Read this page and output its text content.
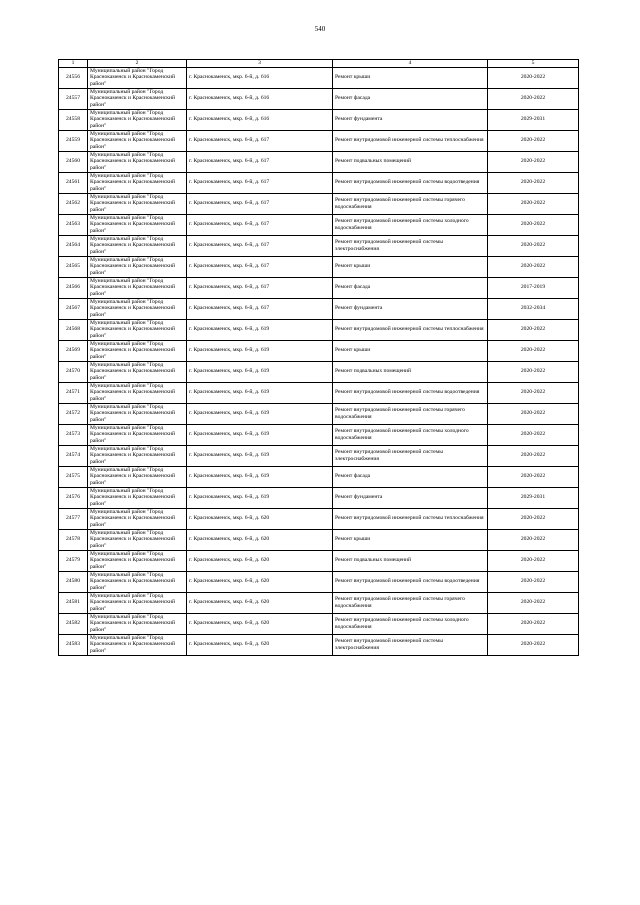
540
1	2	3	4	5
24556	Муниципальный район "Город Краснокаменск и Краснокаменский район"	г. Краснокаменск, мкр. 6-й, д. 616	Ремонт крыши	2020-2022
24557	Муниципальный район "Город Краснокаменск и Краснокаменский район"	г. Краснокаменск, мкр. 6-й, д. 616	Ремонт фасада	2020-2022
24558	Муниципальный район "Город Краснокаменск и Краснокаменский район"	г. Краснокаменск, мкр. 6-й, д. 616	Ремонт фундамента	2029-2031
24559	Муниципальный район "Город Краснокаменск и Краснокаменский район"	г. Краснокаменск, мкр. 6-й, д. 617	Ремонт внутридомовой инженерной системы теплоснабжения	2020-2022
24560	Муниципальный район "Город Краснокаменск и Краснокаменский район"	г. Краснокаменск, мкр. 6-й, д. 617	Ремонт подвальных помещений	2020-2022
24561	Муниципальный район "Город Краснокаменск и Краснокаменский район"	г. Краснокаменск, мкр. 6-й, д. 617	Ремонт внутридомовой инженерной системы водоотведения	2020-2022
24562	Муниципальный район "Город Краснокаменск и Краснокаменский район"	г. Краснокаменск, мкр. 6-й, д. 617	Ремонт внутридомовой инженерной системы горячего водоснабжения	2020-2022
24563	Муниципальный район "Город Краснокаменск и Краснокаменский район"	г. Краснокаменск, мкр. 6-й, д. 617	Ремонт внутридомовой инженерной системы холодного водоснабжения	2020-2022
24564	Муниципальный район "Город Краснокаменск и Краснокаменский район"	г. Краснокаменск, мкр. 6-й, д. 617	Ремонт внутридомовой инженерной системы электроснабжения	2020-2022
24565	Муниципальный район "Город Краснокаменск и Краснокаменский район"	г. Краснокаменск, мкр. 6-й, д. 617	Ремонт крыши	2020-2022
24566	Муниципальный район "Город Краснокаменск и Краснокаменский район"	г. Краснокаменск, мкр. 6-й, д. 617	Ремонт фасада	2017-2019
24567	Муниципальный район "Город Краснокаменск и Краснокаменский район"	г. Краснокаменск, мкр. 6-й, д. 617	Ремонт фундамента	2032-2034
24568	Муниципальный район "Город Краснокаменск и Краснокаменский район"	г. Краснокаменск, мкр. 6-й, д. 619	Ремонт внутридомовой инженерной системы теплоснабжения	2020-2022
24569	Муниципальный район "Город Краснокаменск и Краснокаменский район"	г. Краснокаменск, мкр. 6-й, д. 619	Ремонт крыши	2020-2022
24570	Муниципальный район "Город Краснокаменск и Краснокаменский район"	г. Краснокаменск, мкр. 6-й, д. 619	Ремонт подвальных помещений	2020-2022
24571	Муниципальный район "Город Краснокаменск и Краснокаменский район"	г. Краснокаменск, мкр. 6-й, д. 619	Ремонт внутридомовой инженерной системы водоотведения	2020-2022
24572	Муниципальный район "Город Краснокаменск и Краснокаменский район"	г. Краснокаменск, мкр. 6-й, д. 619	Ремонт внутридомовой инженерной системы горячего водоснабжения	2020-2022
24573	Муниципальный район "Город Краснокаменск и Краснокаменский район"	г. Краснокаменск, мкр. 6-й, д. 619	Ремонт внутридомовой инженерной системы холодного водоснабжения	2020-2022
24574	Муниципальный район "Город Краснокаменск и Краснокаменский район"	г. Краснокаменск, мкр. 6-й, д. 619	Ремонт внутридомовой инженерной системы электроснабжения	2020-2022
24575	Муниципальный район "Город Краснокаменск и Краснокаменский район"	г. Краснокаменск, мкр. 6-й, д. 619	Ремонт фасада	2020-2022
24576	Муниципальный район "Город Краснокаменск и Краснокаменский район"	г. Краснокаменск, мкр. 6-й, д. 619	Ремонт фундамента	2029-2031
24577	Муниципальный район "Город Краснокаменск и Краснокаменский район"	г. Краснокаменск, мкр. 6-й, д. 620	Ремонт внутридомовой инженерной системы теплоснабжения	2020-2022
24578	Муниципальный район "Город Краснокаменск и Краснокаменский район"	г. Краснокаменск, мкр. 6-й, д. 620	Ремонт крыши	2020-2022
24579	Муниципальный район "Город Краснокаменск и Краснокаменский район"	г. Краснокаменск, мкр. 6-й, д. 620	Ремонт подвальных помещений	2020-2022
24580	Муниципальный район "Город Краснокаменск и Краснокаменский район"	г. Краснокаменск, мкр. 6-й, д. 620	Ремонт внутридомовой инженерной системы водоотведения	2020-2022
24581	Муниципальный район "Город Краснокаменск и Краснокаменский район"	г. Краснокаменск, мкр. 6-й, д. 620	Ремонт внутридомовой инженерной системы горячего водоснабжения	2020-2022
24582	Муниципальный район "Город Краснокаменск и Краснокаменский район"	г. Краснокаменск, мкр. 6-й, д. 620	Ремонт внутридомовой инженерной системы холодного водоснабжения	2020-2022
24583	Муниципальный район "Город Краснокаменск и Краснокаменский район"	г. Краснокаменск, мкр. 6-й, д. 620	Ремонт внутридомовой инженерной системы электроснабжения	2020-2022
